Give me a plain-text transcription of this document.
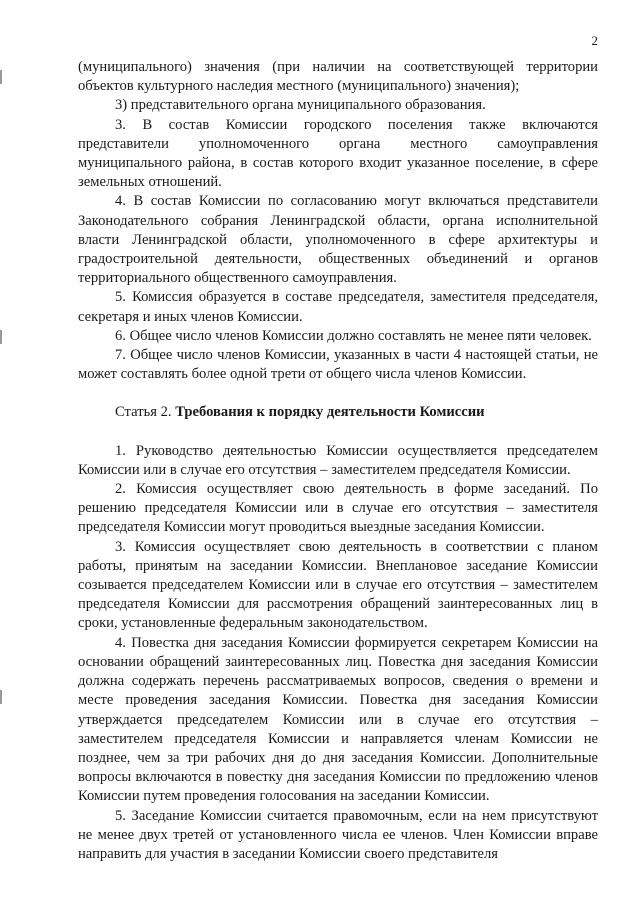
2

(муниципального) значения (при наличии на соответствующей территории объектов культурного наследия местного (муниципального) значения);

3) представительного органа муниципального образования.

3. В состав Комиссии городского поселения также включаются представители уполномоченного органа местного самоуправления муниципального района, в состав которого входит указанное поселение, в сфере земельных отношений.

4. В состав Комиссии по согласованию могут включаться представители Законодательного собрания Ленинградской области, органа исполнительной власти Ленинградской области, уполномоченного в сфере архитектуры и градостроительной деятельности, общественных объединений и органов территориального общественного самоуправления.

5. Комиссия образуется в составе председателя, заместителя председателя, секретаря и иных членов Комиссии.

6. Общее число членов Комиссии должно составлять не менее пяти человек.

7. Общее число членов Комиссии, указанных в части 4 настоящей статьи, не может составлять более одной трети от общего числа членов Комиссии.

Статья 2. Требования к порядку деятельности Комиссии

1. Руководство деятельностью Комиссии осуществляется председателем Комиссии или в случае его отсутствия – заместителем председателя Комиссии.

2. Комиссия осуществляет свою деятельность в форме заседаний. По решению председателя Комиссии или в случае его отсутствия – заместителя председателя Комиссии могут проводиться выездные заседания Комиссии.

3. Комиссия осуществляет свою деятельность в соответствии с планом работы, принятым на заседании Комиссии. Внеплановое заседание Комиссии созывается председателем Комиссии или в случае его отсутствия – заместителем председателя Комиссии для рассмотрения обращений заинтересованных лиц в сроки, установленные федеральным законодательством.

4. Повестка дня заседания Комиссии формируется секретарем Комиссии на основании обращений заинтересованных лиц. Повестка дня заседания Комиссии должна содержать перечень рассматриваемых вопросов, сведения о времени и месте проведения заседания Комиссии. Повестка дня заседания Комиссии утверждается председателем Комиссии или в случае его отсутствия – заместителем председателя Комиссии и направляется членам Комиссии не позднее, чем за три рабочих дня до дня заседания Комиссии. Дополнительные вопросы включаются в повестку дня заседания Комиссии по предложению членов Комиссии путем проведения голосования на заседании Комиссии.

5. Заседание Комиссии считается правомочным, если на нем присутствуют не менее двух третей от установленного числа ее членов. Член Комиссии вправе направить для участия в заседании Комиссии своего представителя
